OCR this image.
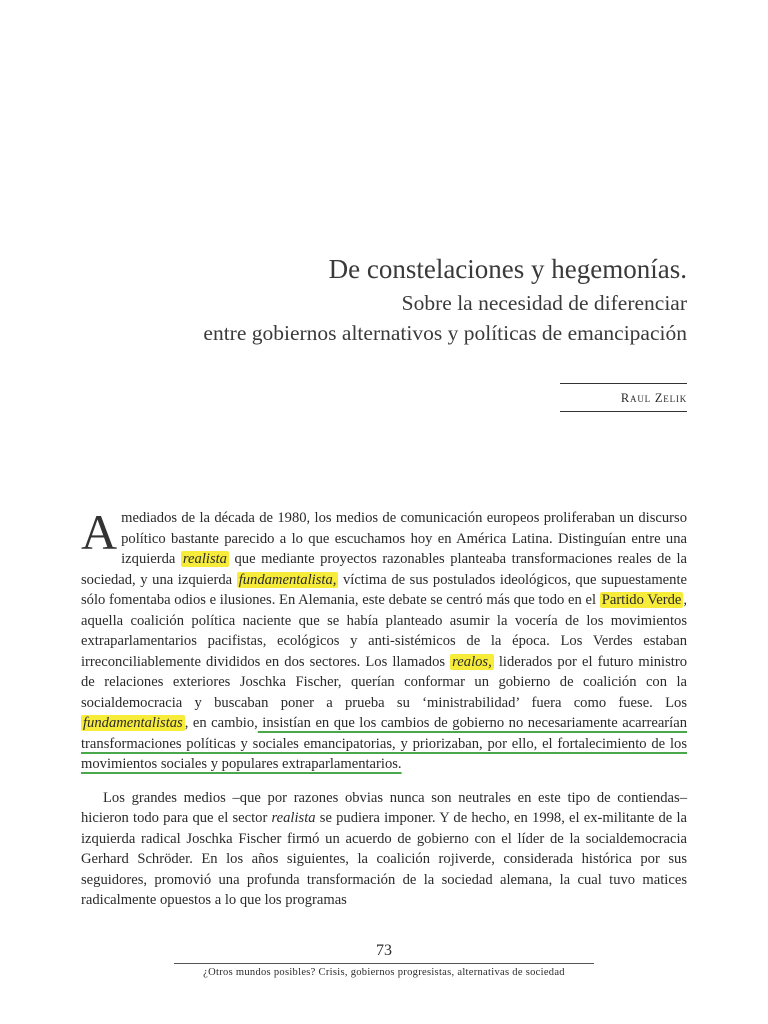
De constelaciones y hegemonías.
Sobre la necesidad de diferenciar
entre gobiernos alternativos y políticas de emancipación
Raul Zelik

A mediados de la década de 1980, los medios de comunicación europeos proliferaban un discurso político bastante parecido a lo que escuchamos hoy en América Latina. Distinguían entre una izquierda realista que mediante proyectos razonables planteaba transformaciones reales de la sociedad, y una izquierda fundamentalista, víctima de sus postulados ideológicos, que supuestamente sólo fomentaba odios e ilusiones. En Alemania, este debate se centró más que todo en el Partido Verde , aquella coalición política naciente que se había planteado asumir la vocería de los movimientos extraparlamentarios pacifistas, ecológicos y anti-sistémicos de la época. Los Verdes estaban irreconciliablemente divididos en dos sectores. Los llamados realos, liderados por el futuro ministro de relaciones exteriores Joschka Fischer, querían conformar un gobierno de coalición con la socialdemocracia y buscaban poner a prueba su ‘ministrabilidad’ fuera como fuese. Los fundamentalistas , en cambio, insistían en que los cambios de gobierno no necesariamente acarrearían transformaciones políticas y sociales emancipatorias, y priorizaban, por ello, el fortalecimiento de los movimientos sociales y populares extraparlamentarios.

Los grandes medios –que por razones obvias nunca son neutrales en este tipo de contiendas– hicieron todo para que el sector realista se pudiera imponer. Y de hecho, en 1998, el ex-militante de la izquierda radical Joschka Fischer firmó un acuerdo de gobierno con el líder de la socialdemocracia Gerhard Schröder. En los años siguientes, la coalición rojiverde, considerada histórica por sus seguidores, promovió una profunda transformación de la sociedad alemana, la cual tuvo matices radicalmente opuestos a lo que los programas

73
¿Otros mundos posibles? Crisis, gobiernos progresistas, alternativas de sociedad
